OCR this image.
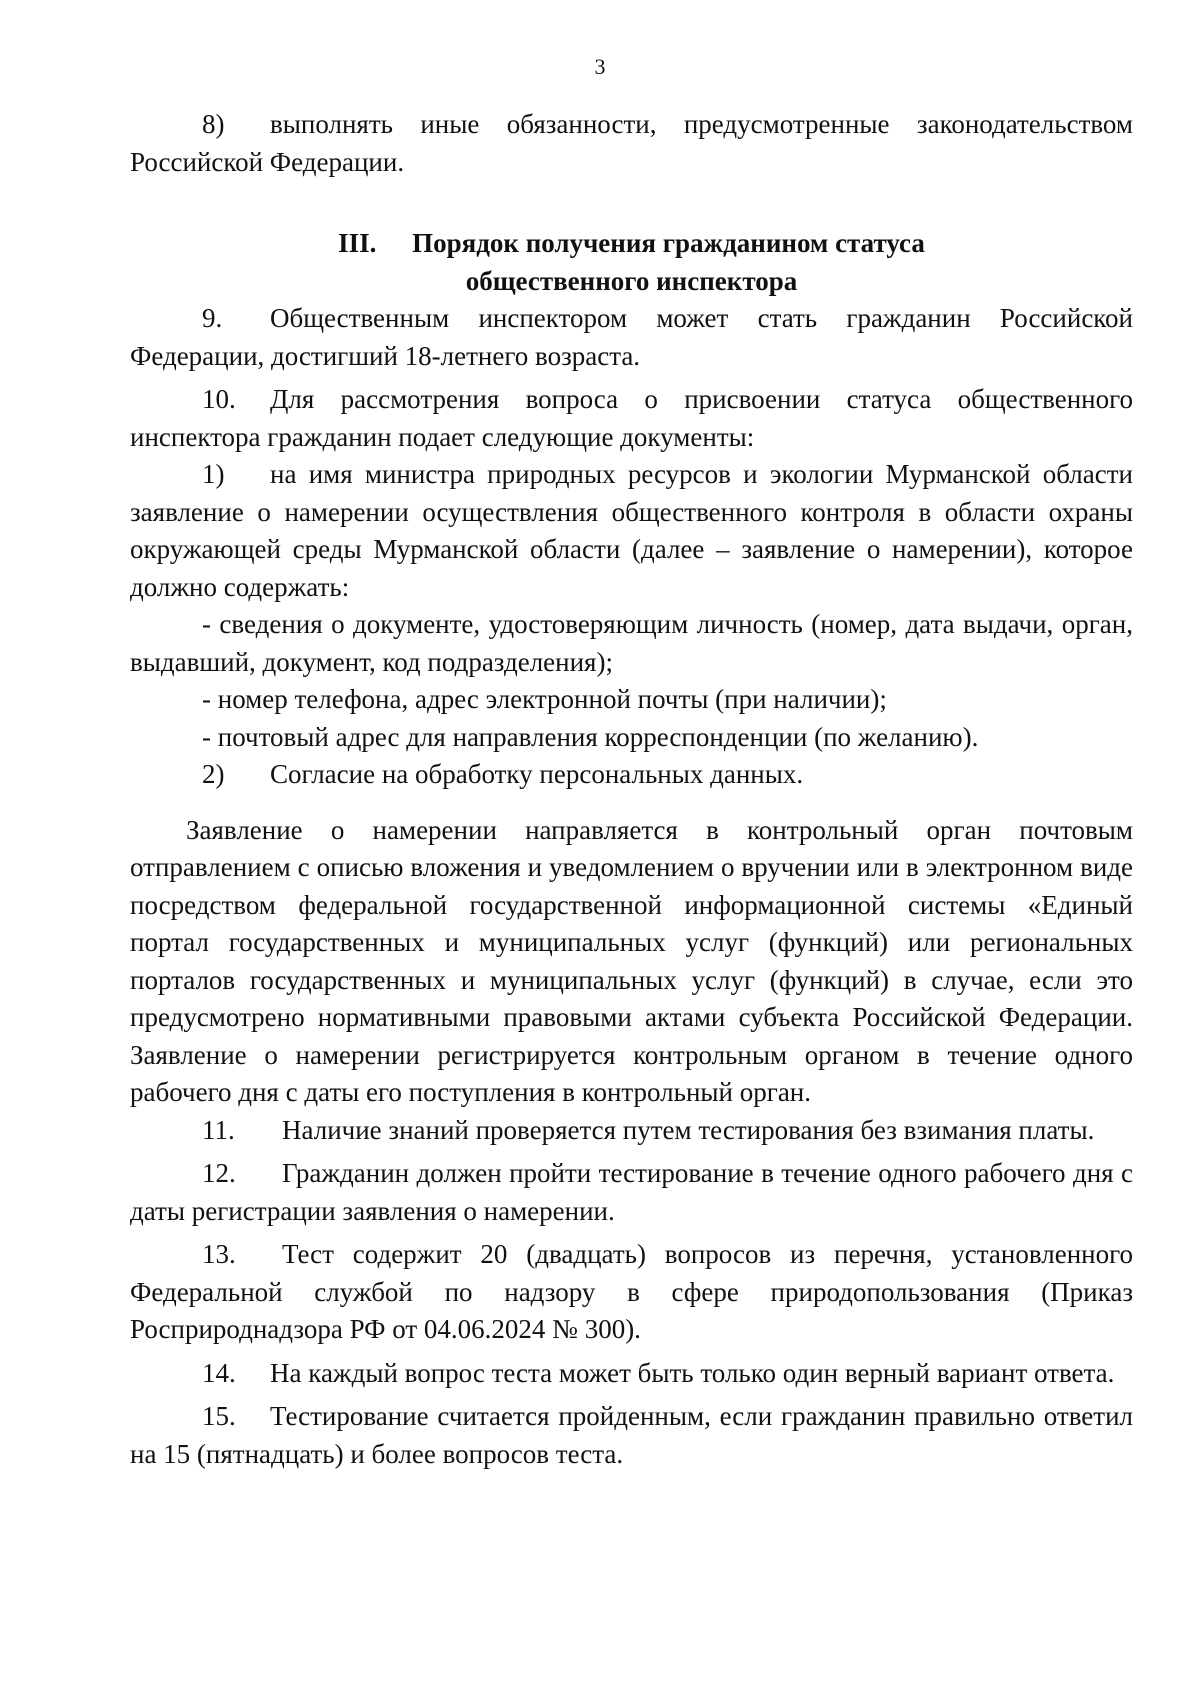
3

8) выполнять иные обязанности, предусмотренные законодательством Российской Федерации.

III. Порядок получения гражданином статуса
общественного инспектора

9. Общественным инспектором может стать гражданин Российской Федерации, достигший 18-летнего возраста.

10. Для рассмотрения вопроса о присвоении статуса общественного инспектора гражданин подает следующие документы:

1) на имя министра природных ресурсов и экологии Мурманской области заявление о намерении осуществления общественного контроля в области охраны окружающей среды Мурманской области (далее – заявление о намерении), которое должно содержать:

- сведения о документе, удостоверяющим личность (номер, дата выдачи, орган, выдавший, документ, код подразделения);

- номер телефона, адрес электронной почты (при наличии);

- почтовый адрес для направления корреспонденции (по желанию).

2) Согласие на обработку персональных данных.

Заявление о намерении направляется в контрольный орган почтовым отправлением с описью вложения и уведомлением о вручении или в электронном виде посредством федеральной государственной информационной системы «Единый портал государственных и муниципальных услуг (функций) или региональных порталов государственных и муниципальных услуг (функций) в случае, если это предусмотрено нормативными правовыми актами субъекта Российской Федерации. Заявление о намерении регистрируется контрольным органом в течение одного рабочего дня с даты его поступления в контрольный орган.

11. Наличие знаний проверяется путем тестирования без взимания платы.

12. Гражданин должен пройти тестирование в течение одного рабочего дня с даты регистрации заявления о намерении.

13. Тест содержит 20 (двадцать) вопросов из перечня, установленного Федеральной службой по надзору в сфере природопользования (Приказ Росприроднадзора РФ от 04.06.2024 № 300).

14. На каждый вопрос теста может быть только один верный вариант ответа.

15. Тестирование считается пройденным, если гражданин правильно ответил на 15 (пятнадцать) и более вопросов теста.
